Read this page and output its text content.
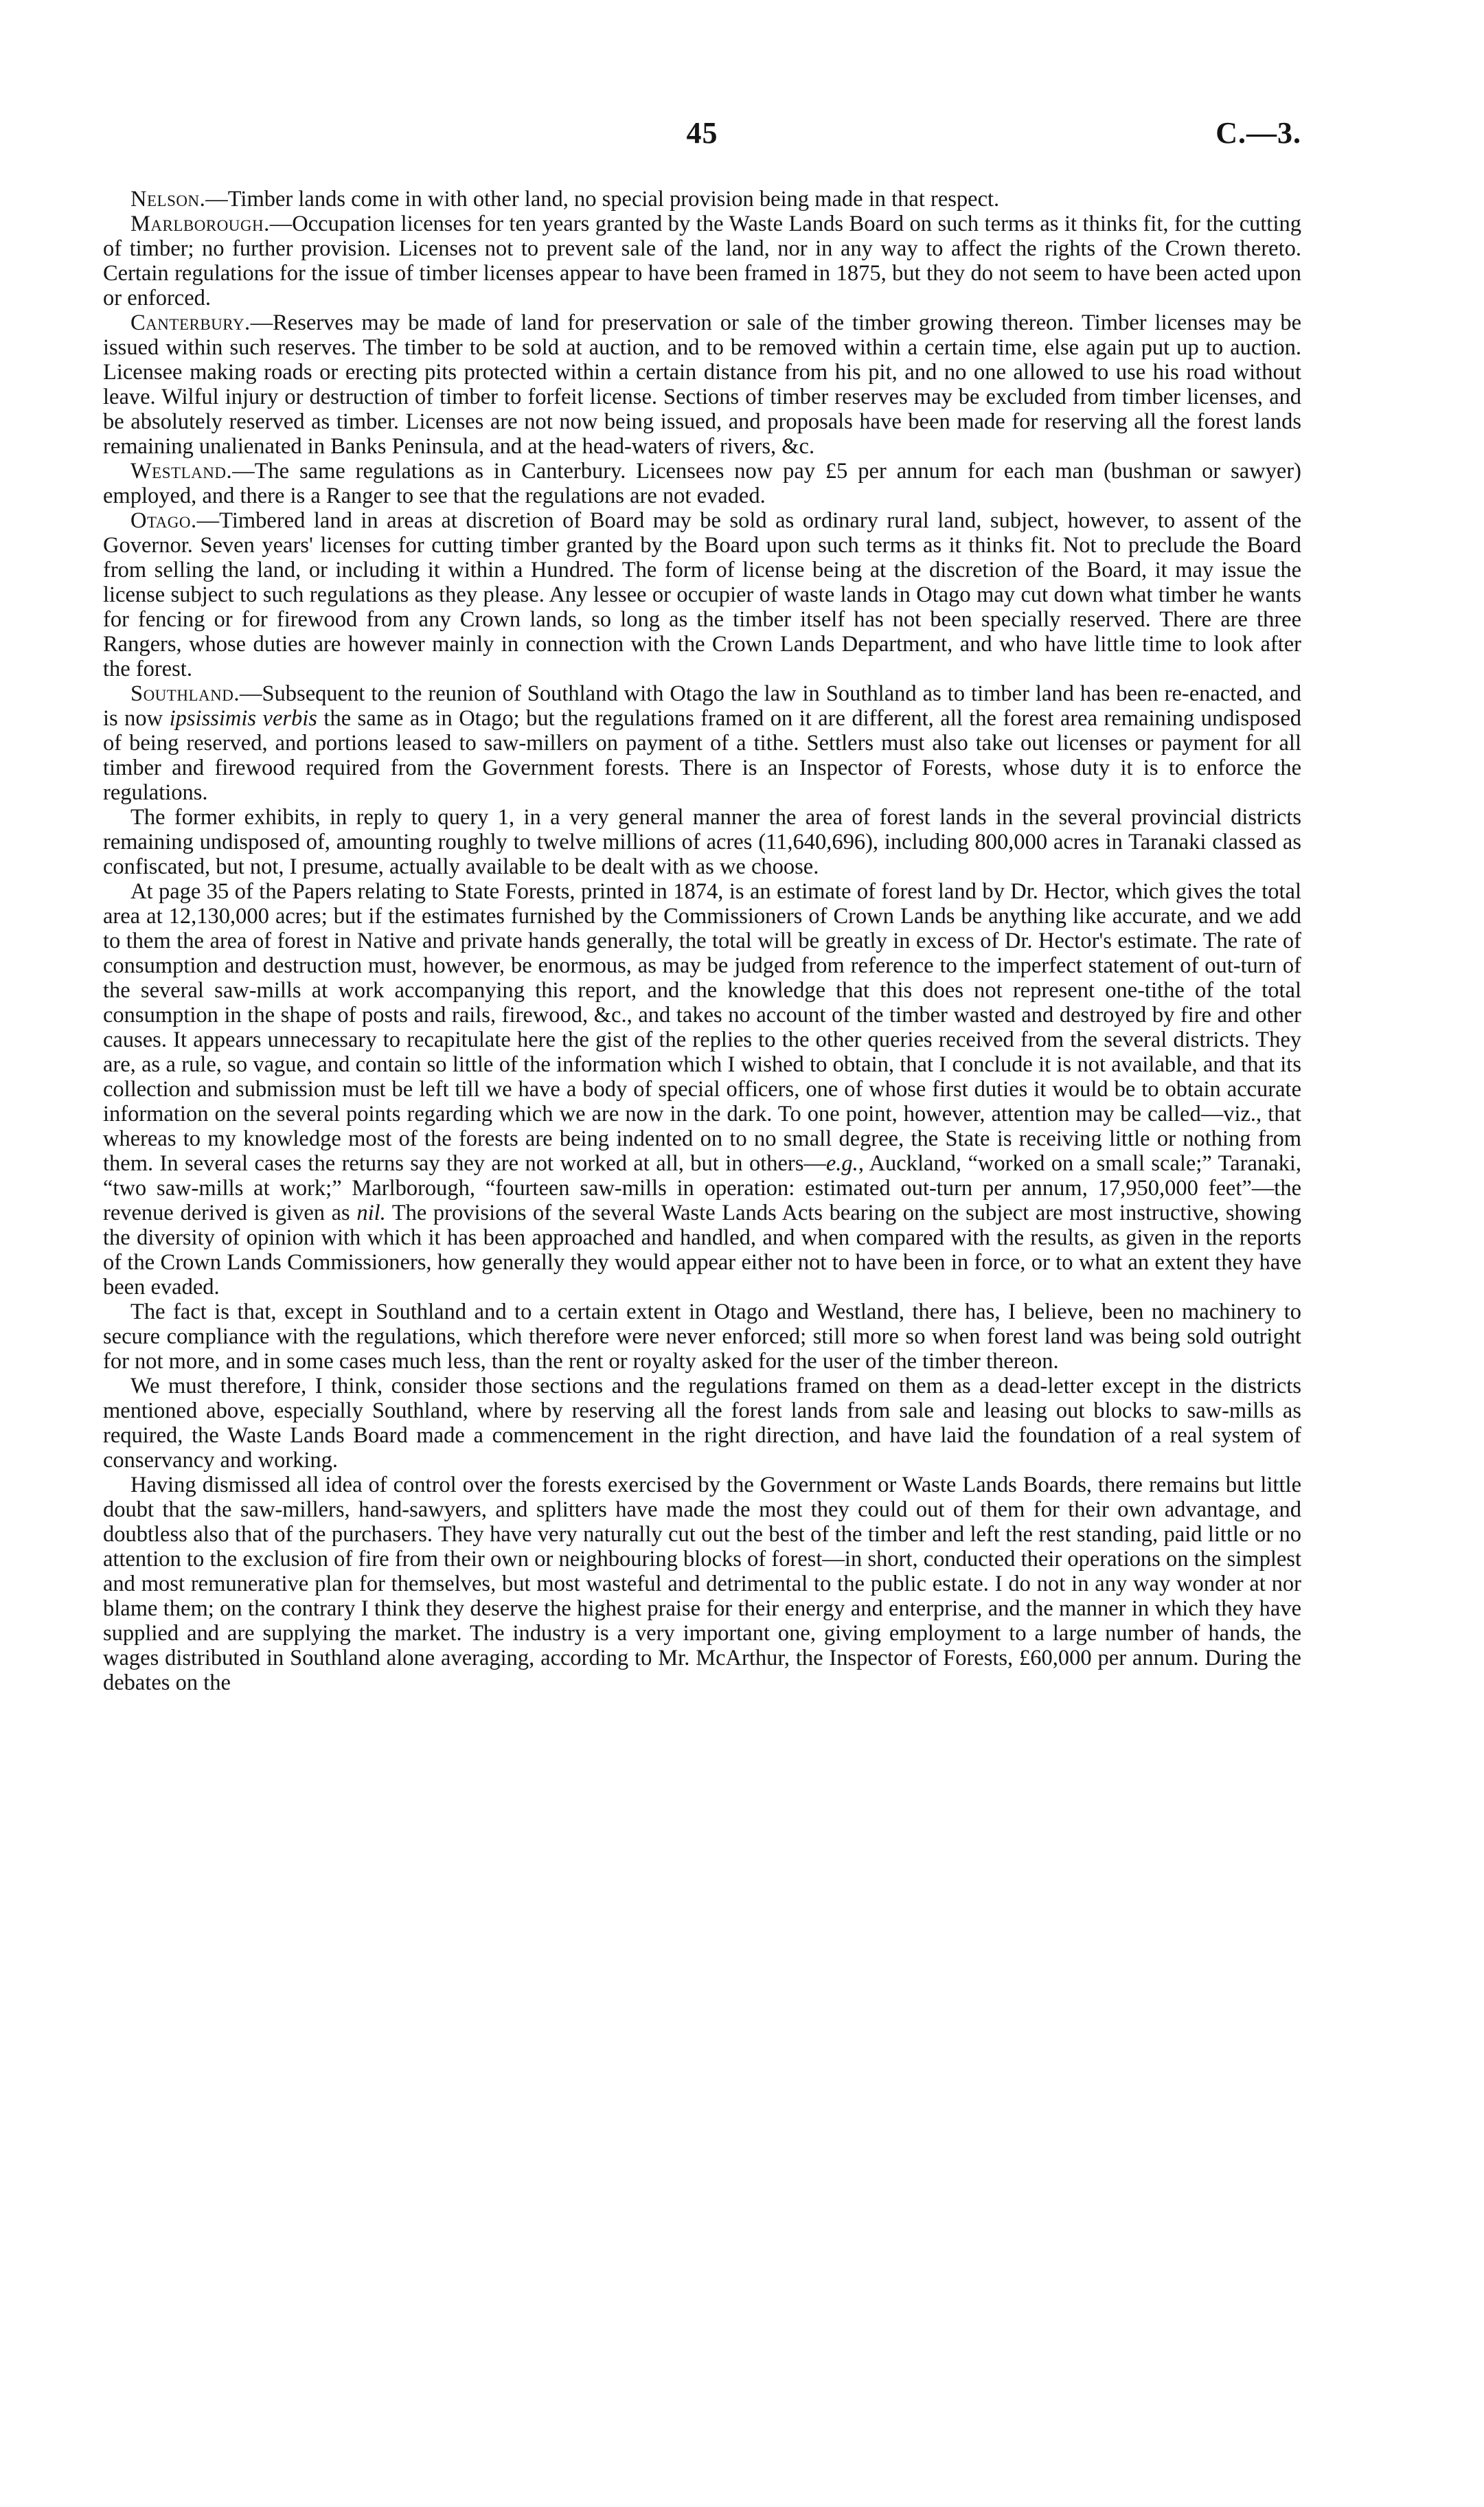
45	C.—3.

Nelson.—Timber lands come in with other land, no special provision being made in that respect.

Marlborough.—Occupation licenses for ten years granted by the Waste Lands Board on such terms as it thinks fit, for the cutting of timber; no further provision. Licenses not to prevent sale of the land, nor in any way to affect the rights of the Crown thereto. Certain regulations for the issue of timber licenses appear to have been framed in 1875, but they do not seem to have been acted upon or enforced.

Canterbury.—Reserves may be made of land for preservation or sale of the timber growing thereon. Timber licenses may be issued within such reserves. The timber to be sold at auction, and to be removed within a certain time, else again put up to auction. Licensee making roads or erecting pits protected within a certain distance from his pit, and no one allowed to use his road without leave. Wilful injury or destruction of timber to forfeit license. Sections of timber reserves may be excluded from timber licenses, and be absolutely reserved as timber. Licenses are not now being issued, and proposals have been made for reserving all the forest lands remaining unalienated in Banks Peninsula, and at the head-waters of rivers, &c.

Westland.—The same regulations as in Canterbury. Licensees now pay £5 per annum for each man (bushman or sawyer) employed, and there is a Ranger to see that the regulations are not evaded.

Otago.—Timbered land in areas at discretion of Board may be sold as ordinary rural land, subject, however, to assent of the Governor. Seven years' licenses for cutting timber granted by the Board upon such terms as it thinks fit. Not to preclude the Board from selling the land, or including it within a Hundred. The form of license being at the discretion of the Board, it may issue the license subject to such regulations as they please. Any lessee or occupier of waste lands in Otago may cut down what timber he wants for fencing or for firewood from any Crown lands, so long as the timber itself has not been specially reserved. There are three Rangers, whose duties are however mainly in connection with the Crown Lands Department, and who have little time to look after the forest.

Southland.—Subsequent to the reunion of Southland with Otago the law in Southland as to timber land has been re-enacted, and is now ipsissimis verbis the same as in Otago; but the regulations framed on it are different, all the forest area remaining undisposed of being reserved, and portions leased to saw-millers on payment of a tithe. Settlers must also take out licenses or payment for all timber and firewood required from the Government forests. There is an Inspector of Forests, whose duty it is to enforce the regulations.

The former exhibits, in reply to query 1, in a very general manner the area of forest lands in the several provincial districts remaining undisposed of, amounting roughly to twelve millions of acres (11,640,696), including 800,000 acres in Taranaki classed as confiscated, but not, I presume, actually available to be dealt with as we choose.

At page 35 of the Papers relating to State Forests, printed in 1874, is an estimate of forest land by Dr. Hector, which gives the total area at 12,130,000 acres; but if the estimates furnished by the Commissioners of Crown Lands be anything like accurate, and we add to them the area of forest in Native and private hands generally, the total will be greatly in excess of Dr. Hector's estimate. The rate of consumption and destruction must, however, be enormous, as may be judged from reference to the imperfect statement of out-turn of the several saw-mills at work accompanying this report, and the knowledge that this does not represent one-tithe of the total consumption in the shape of posts and rails, firewood, &c., and takes no account of the timber wasted and destroyed by fire and other causes. It appears unnecessary to recapitulate here the gist of the replies to the other queries received from the several districts. They are, as a rule, so vague, and contain so little of the information which I wished to obtain, that I conclude it is not available, and that its collection and submission must be left till we have a body of special officers, one of whose first duties it would be to obtain accurate information on the several points regarding which we are now in the dark. To one point, however, attention may be called—viz., that whereas to my knowledge most of the forests are being indented on to no small degree, the State is receiving little or nothing from them. In several cases the returns say they are not worked at all, but in others—e.g., Auckland, “worked on a small scale;” Taranaki, “two saw-mills at work;” Marlborough, “fourteen saw-mills in operation: estimated out-turn per annum, 17,950,000 feet”—the revenue derived is given as nil. The provisions of the several Waste Lands Acts bearing on the subject are most instructive, showing the diversity of opinion with which it has been approached and handled, and when compared with the results, as given in the reports of the Crown Lands Commissioners, how generally they would appear either not to have been in force, or to what an extent they have been evaded.

The fact is that, except in Southland and to a certain extent in Otago and Westland, there has, I believe, been no machinery to secure compliance with the regulations, which therefore were never enforced; still more so when forest land was being sold outright for not more, and in some cases much less, than the rent or royalty asked for the user of the timber thereon.

We must therefore, I think, consider those sections and the regulations framed on them as a dead-letter except in the districts mentioned above, especially Southland, where by reserving all the forest lands from sale and leasing out blocks to saw-mills as required, the Waste Lands Board made a commencement in the right direction, and have laid the foundation of a real system of conservancy and working.

Having dismissed all idea of control over the forests exercised by the Government or Waste Lands Boards, there remains but little doubt that the saw-millers, hand-sawyers, and splitters have made the most they could out of them for their own advantage, and doubtless also that of the purchasers. They have very naturally cut out the best of the timber and left the rest standing, paid little or no attention to the exclusion of fire from their own or neighbouring blocks of forest—in short, conducted their operations on the simplest and most remunerative plan for themselves, but most wasteful and detrimental to the public estate. I do not in any way wonder at nor blame them; on the contrary I think they deserve the highest praise for their energy and enterprise, and the manner in which they have supplied and are supplying the market. The industry is a very important one, giving employment to a large number of hands, the wages distributed in Southland alone averaging, according to Mr. McArthur, the Inspector of Forests, £60,000 per annum. During the debates on the
